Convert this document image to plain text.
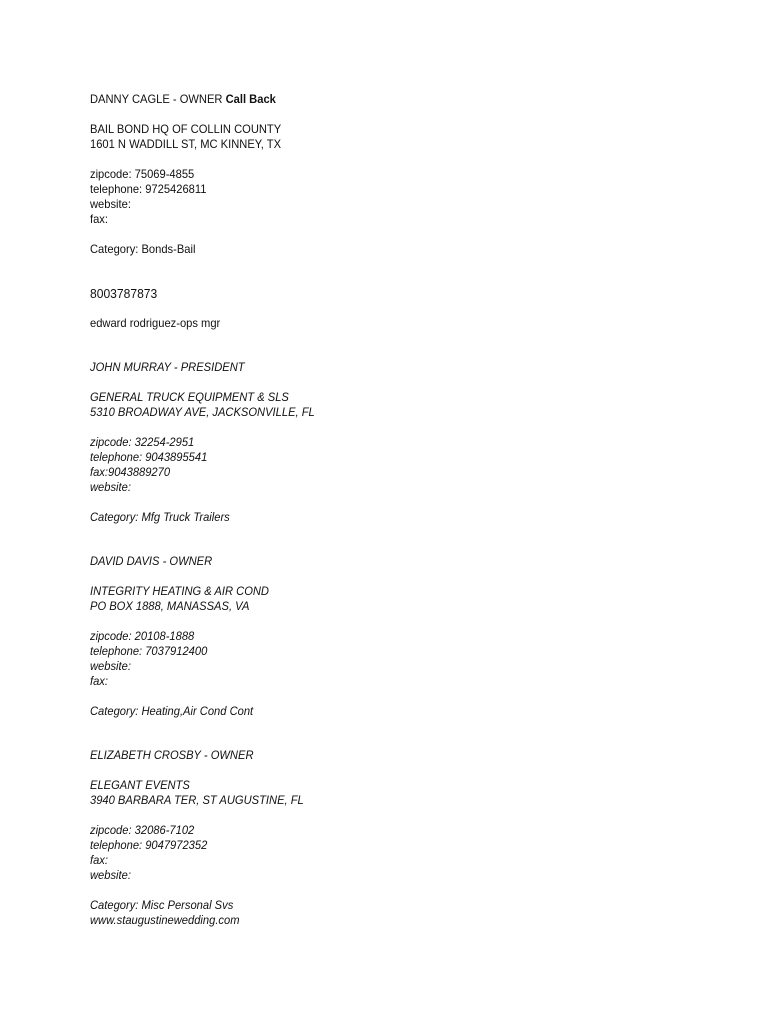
DANNY CAGLE - OWNER Call Back
BAIL BOND HQ OF COLLIN COUNTY
1601 N WADDILL ST, MC KINNEY, TX
zipcode: 75069-4855
telephone: 9725426811
website:
fax:
Category: Bonds-Bail
8003787873
edward rodriguez-ops mgr
JOHN MURRAY - PRESIDENT
GENERAL TRUCK EQUIPMENT & SLS
5310 BROADWAY AVE, JACKSONVILLE, FL
zipcode: 32254-2951
telephone: 9043895541
fax:9043889270
website:
Category: Mfg Truck Trailers
DAVID DAVIS - OWNER
INTEGRITY HEATING & AIR COND
PO BOX 1888, MANASSAS, VA
zipcode: 20108-1888
telephone: 7037912400
website:
fax:
Category: Heating,Air Cond Cont
ELIZABETH CROSBY - OWNER
ELEGANT EVENTS
3940 BARBARA TER, ST AUGUSTINE, FL
zipcode: 32086-7102
telephone: 9047972352
fax:
website:
Category: Misc Personal Svs
www.staugustinewedding.com
